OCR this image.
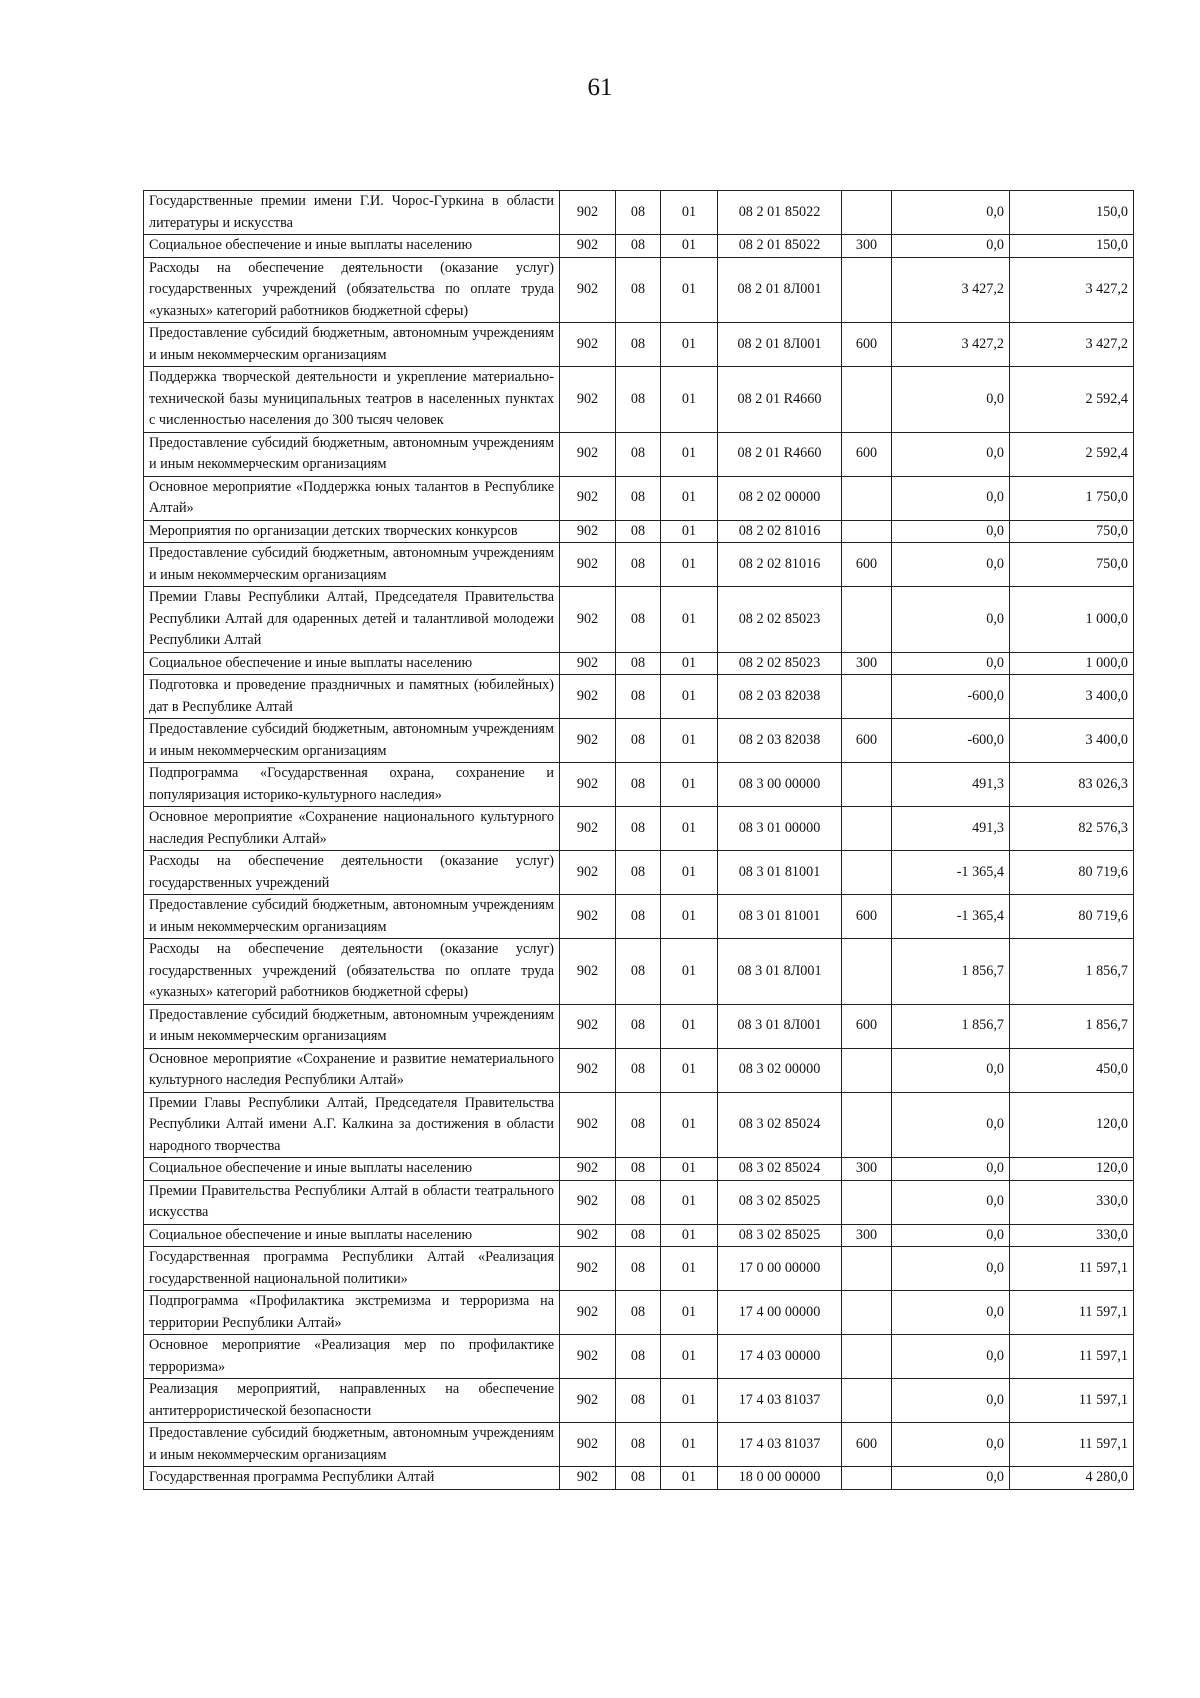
61
Государственные премии имени Г.И. Чорос-Гуркина в области литературы и искусства	902	08	01	08 2 01 85022		0,0	150,0
Социальное обеспечение и иные выплаты населению	902	08	01	08 2 01 85022	300	0,0	150,0
Расходы на обеспечение деятельности (оказание услуг) государственных учреждений (обязательства по оплате труда «указных» категорий работников бюджетной сферы)	902	08	01	08 2 01 8Л001		3 427,2	3 427,2
Предоставление субсидий бюджетным, автономным учреждениям и иным некоммерческим организациям	902	08	01	08 2 01 8Л001	600	3 427,2	3 427,2
Поддержка творческой деятельности и укрепление материально-технической базы муниципальных театров в населенных пунктах с численностью населения до 300 тысяч человек	902	08	01	08 2 01 R4660		0,0	2 592,4
Предоставление субсидий бюджетным, автономным учреждениям и иным некоммерческим организациям	902	08	01	08 2 01 R4660	600	0,0	2 592,4
Основное мероприятие «Поддержка юных талантов в Республике Алтай»	902	08	01	08 2 02 00000		0,0	1 750,0
Мероприятия по организации детских творческих конкурсов	902	08	01	08 2 02 81016		0,0	750,0
Предоставление субсидий бюджетным, автономным учреждениям и иным некоммерческим организациям	902	08	01	08 2 02 81016	600	0,0	750,0
Премии Главы Республики Алтай, Председателя Правительства Республики Алтай для одаренных детей и талантливой молодежи Республики Алтай	902	08	01	08 2 02 85023		0,0	1 000,0
Социальное обеспечение и иные выплаты населению	902	08	01	08 2 02 85023	300	0,0	1 000,0
Подготовка и проведение праздничных и памятных (юбилейных) дат в Республике Алтай	902	08	01	08 2 03 82038		-600,0	3 400,0
Предоставление субсидий бюджетным, автономным учреждениям и иным некоммерческим организациям	902	08	01	08 2 03 82038	600	-600,0	3 400,0
Подпрограмма «Государственная охрана, сохранение и популяризация историко-культурного наследия»	902	08	01	08 3 00 00000		491,3	83 026,3
Основное мероприятие «Сохранение национального культурного наследия Республики Алтай»	902	08	01	08 3 01 00000		491,3	82 576,3
Расходы на обеспечение деятельности (оказание услуг) государственных учреждений	902	08	01	08 3 01 81001		-1 365,4	80 719,6
Предоставление субсидий бюджетным, автономным учреждениям и иным некоммерческим организациям	902	08	01	08 3 01 81001	600	-1 365,4	80 719,6
Расходы на обеспечение деятельности (оказание услуг) государственных учреждений (обязательства по оплате труда «указных» категорий работников бюджетной сферы)	902	08	01	08 3 01 8Л001		1 856,7	1 856,7
Предоставление субсидий бюджетным, автономным учреждениям и иным некоммерческим организациям	902	08	01	08 3 01 8Л001	600	1 856,7	1 856,7
Основное мероприятие «Сохранение и развитие нематериального культурного наследия Республики Алтай»	902	08	01	08 3 02 00000		0,0	450,0
Премии Главы Республики Алтай, Председателя Правительства Республики Алтай имени А.Г. Калкина за достижения в области народного творчества	902	08	01	08 3 02 85024		0,0	120,0
Социальное обеспечение и иные выплаты населению	902	08	01	08 3 02 85024	300	0,0	120,0
Премии Правительства Республики Алтай в области театрального искусства	902	08	01	08 3 02 85025		0,0	330,0
Социальное обеспечение и иные выплаты населению	902	08	01	08 3 02 85025	300	0,0	330,0
Государственная программа Республики Алтай «Реализация государственной национальной политики»	902	08	01	17 0 00 00000		0,0	11 597,1
Подпрограмма «Профилактика экстремизма и терроризма на территории Республики Алтай»	902	08	01	17 4 00 00000		0,0	11 597,1
Основное мероприятие «Реализация мер по профилактике терроризма»	902	08	01	17 4 03 00000		0,0	11 597,1
Реализация мероприятий, направленных на обеспечение антитеррористической безопасности	902	08	01	17 4 03 81037		0,0	11 597,1
Предоставление субсидий бюджетным, автономным учреждениям и иным некоммерческим организациям	902	08	01	17 4 03 81037	600	0,0	11 597,1
Государственная программа Республики Алтай	902	08	01	18 0 00 00000		0,0	4 280,0
